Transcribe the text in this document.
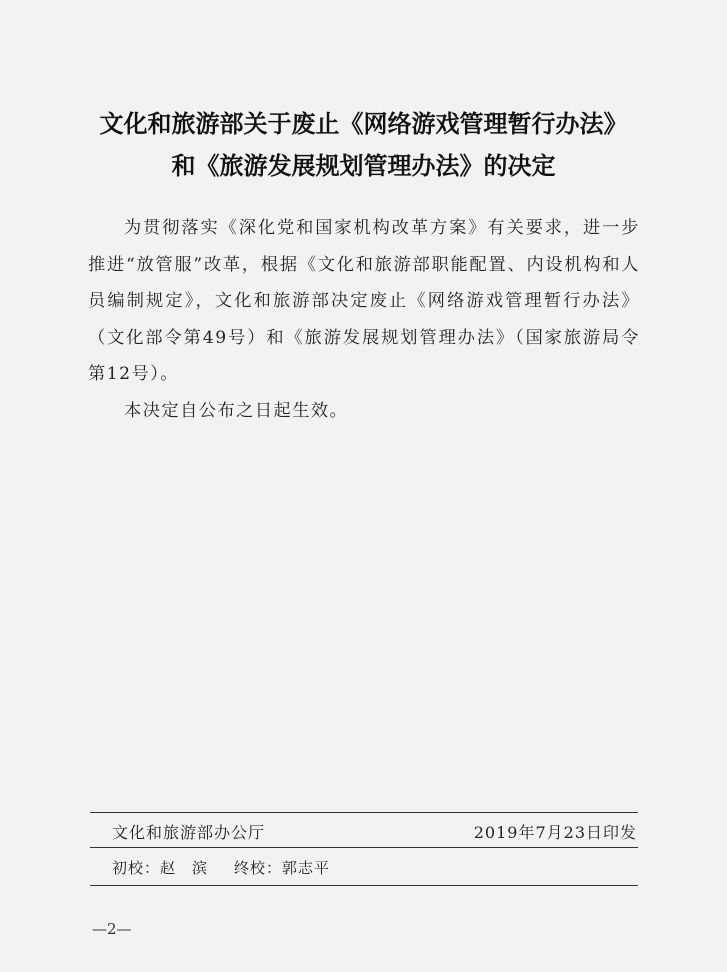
文化和旅游部关于废止《网络游戏管理暂行办法》
和《旅游发展规划管理办法》的决定

为贯彻落实《深化党和国家机构改革方案》有关要求，进一步推进“放管服”改革，根据《文化和旅游部职能配置、内设机构和人员编制规定》，文化和旅游部决定废止《网络游戏管理暂行办法》（文化部令第49号）和《旅游发展规划管理办法》（国家旅游局令第12号）。

本决定自公布之日起生效。

文化和旅游部办公厅	2019年7月23日印发
初校：赵　滨 终校：郭志平
—2—
